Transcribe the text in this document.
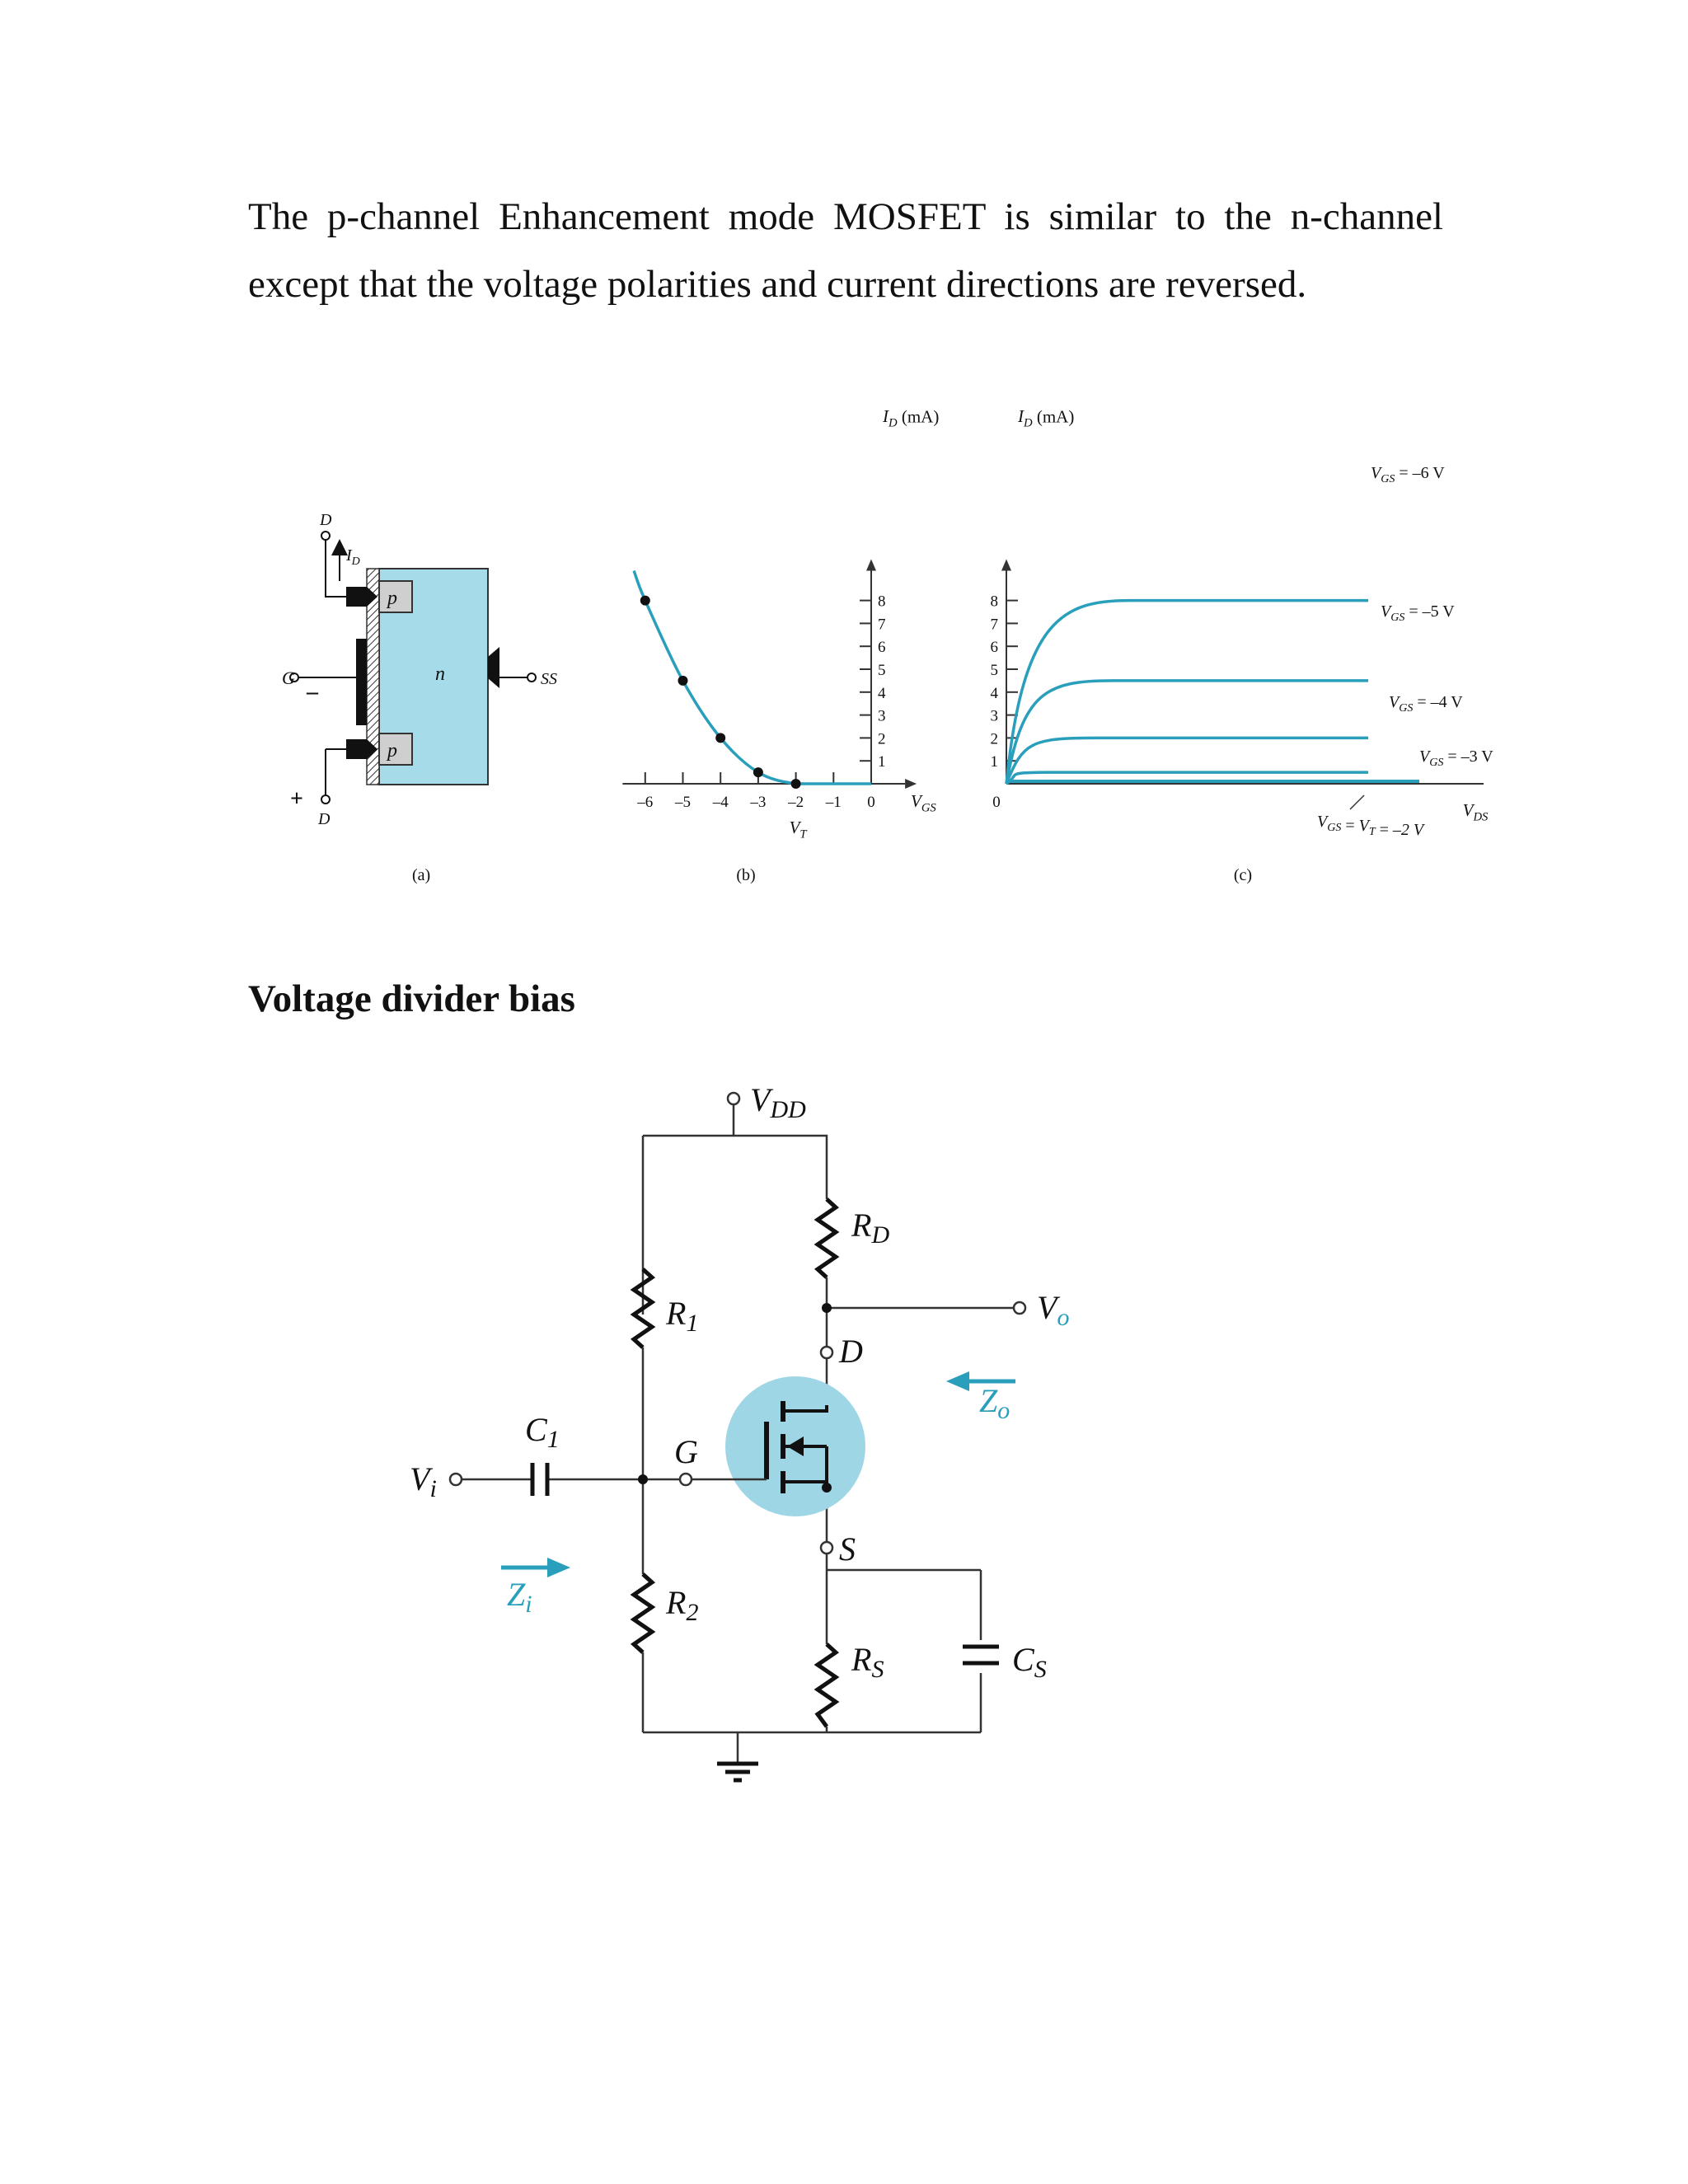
The p-channel Enhancement mode MOSFET is similar to the n-channel except that the voltage polarities and current directions are reversed.

Voltage divider bias
D
$I_D$
G
–
+
D
SS
p
n
p
(a)	(b)
–6 –5 –4 –3 –2 –1 0
1
2
3
4
5
6
7
8
$I_D$ (mA)
$V_{GS}$
$V_T$
(c)
1
2
3
4
5
6
7
8
0
$I_D$ (mA)
$V_{DS}$
$V_{GS} = -6$ V
$V_{GS} = -5$ V
$V_{GS} = -4$ V
$V_{GS} = -3$ V
$V_{GS} = V_T = -2$ V
$V_{DD}$
$R_D$
$R_1$
$R_2$
$R_S$
$C_1$
$C_S$
$V_i$
$V_o$
$Z_i$
$Z_o$
D
G
S
